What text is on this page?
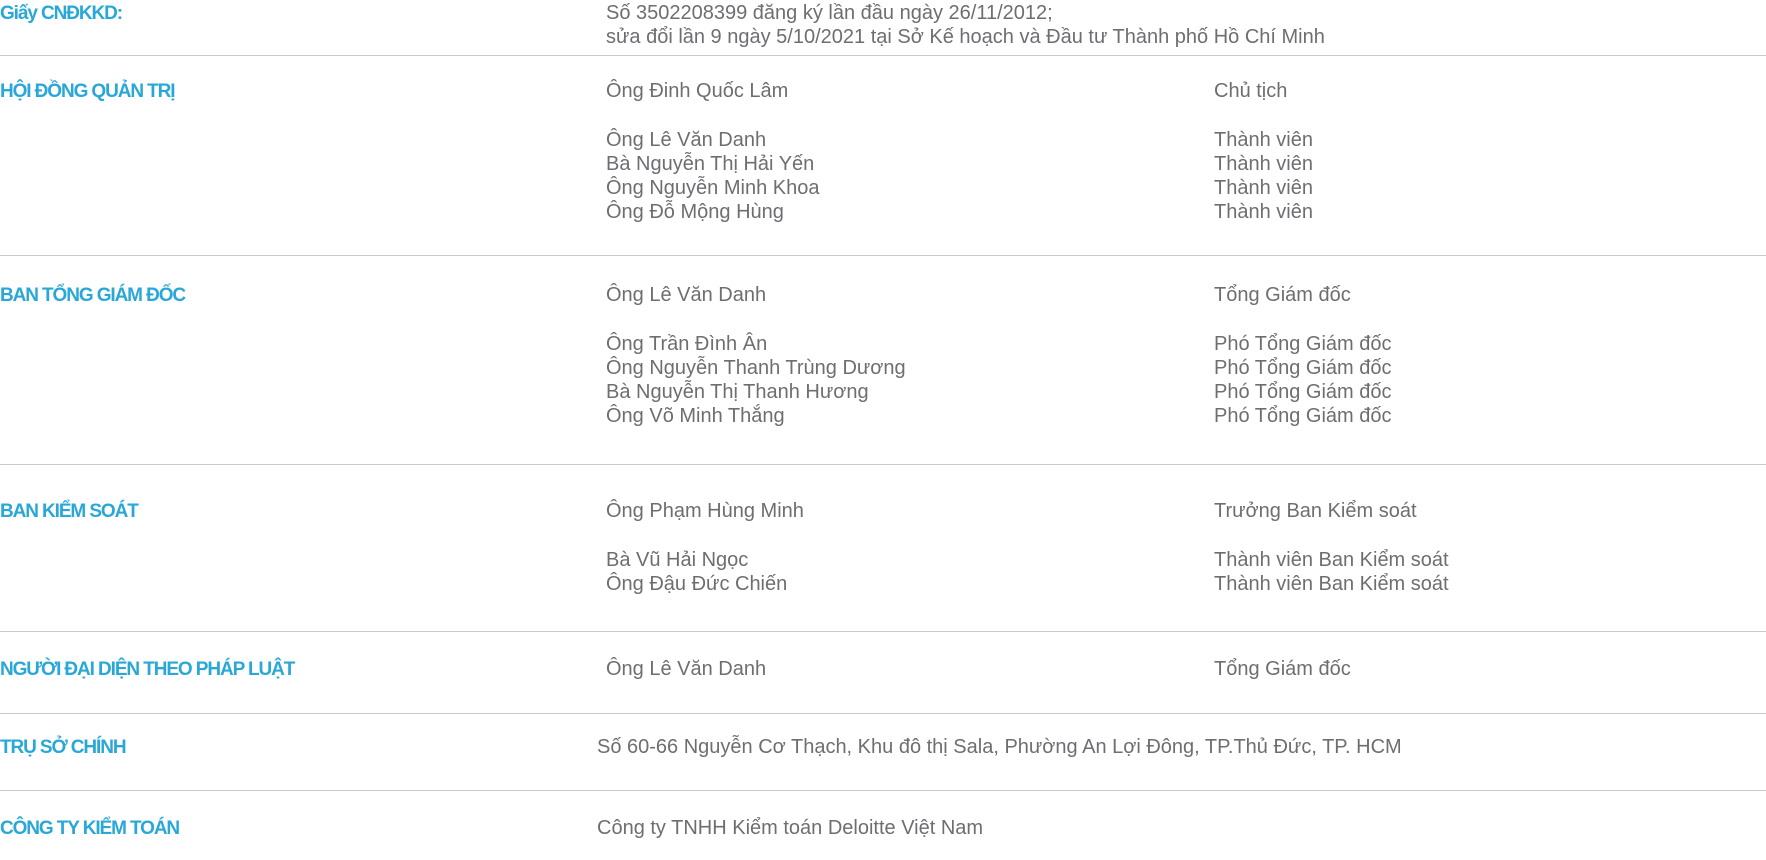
Giấy CNĐKKD:	Số 3502208399 đăng ký lần đầu ngày 26/11/2012;
sửa đổi lần 9 ngày 5/10/2021 tại Sở Kế hoạch và Đầu tư Thành phố Hồ Chí Minh
HỘI ĐỒNG QUẢN TRỊ	Ông Đinh Quốc Lâm	Chủ tịch
Ông Lê Văn Danh	Thành viên
Bà Nguyễn Thị Hải Yến	Thành viên
Ông Nguyễn Minh Khoa	Thành viên
Ông Đỗ Mộng Hùng	Thành viên
BAN TỔNG GIÁM ĐỐC	Ông Lê Văn Danh	Tổng Giám đốc
Ông Trần Đình Ân	Phó Tổng Giám đốc
Ông Nguyễn Thanh Trùng Dương	Phó Tổng Giám đốc
Bà Nguyễn Thị Thanh Hương	Phó Tổng Giám đốc
Ông Võ Minh Thắng	Phó Tổng Giám đốc
BAN KIỂM SOÁT	Ông Phạm Hùng Minh	Trưởng Ban Kiểm soát
Bà Vũ Hải Ngọc	Thành viên Ban Kiểm soát
Ông Đậu Đức Chiến	Thành viên Ban Kiểm soát
NGƯỜI ĐẠI DIỆN THEO PHÁP LUẬT	Ông Lê Văn Danh	Tổng Giám đốc
TRỤ SỞ CHÍNH	Số 60-66 Nguyễn Cơ Thạch, Khu đô thị Sala, Phường An Lợi Đông, TP.Thủ Đức, TP. HCM
CÔNG TY KIỂM TOÁN	Công ty TNHH Kiểm toán Deloitte Việt Nam
